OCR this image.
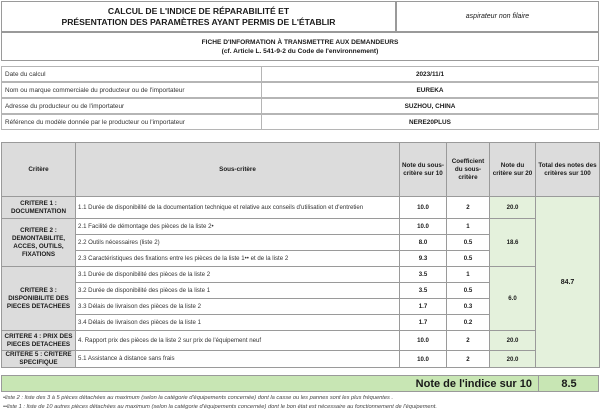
CALCUL DE L'INDICE DE RÉPARABILITÉ ET
PRÉSENTATION DES PARAMÈTRES AYANT PERMIS DE L'ÉTABLIR	aspirateur non filaire
FICHE D'INFORMATION À TRANSMETTRE AUX DEMANDEURS
(cf. Article L. 541-9-2 du Code de l'environnement)
Date du calcul	2023/11/1
Nom ou marque commerciale du producteur ou de l'importateur	EUREKA
Adresse du producteur ou de l'importateur	SUZHOU, CHINA
Référence du modèle donnée par le producteur ou l'importateur	NERE20PLUS
Critère	Sous-critère	Note du sous-critère sur 10	Coefficient du sous-critère	Note du critère sur 20	Total des notes des critères sur 100
CRITERE 1 : DOCUMENTATION	1.1 Durée de disponibilité de la documentation technique et relative aux conseils d'utilisation et d'entretien	10.0	2	20.0	84.7
CRITERE 2 : DEMONTABILITE, ACCES, OUTILS, FIXATIONS	2.1 Facilité de démontage des pièces de la liste 2•	10.0	1	18.6	
	2.2 Outils nécessaires (liste 2)	8.0	0.5		
	2.3 Caractéristiques des fixations entre les pièces de la liste 1•• et de la liste 2	9.3	0.5		
CRITERE 3 : DISPONIBILITE DES PIECES DETACHEES	3.1 Durée de disponibilité des pièces de la liste 2	3.5	1	6.0	
	3.2 Durée de disponibilité des pièces de la liste 1	3.5	0.5		
	3.3 Délais de livraison des pièces de la liste 2	1.7	0.3		
	3.4 Délais de livraison des pièces de la liste 1	1.7	0.2		
CRITERE 4 : PRIX DES PIECES DETACHEES	4. Rapport prix des pièces de la liste 2 sur prix de l'équipement neuf	10.0	2	20.0	
CRITERE 5 : CRITERE SPECIFIQUE	5.1 Assistance à distance sans frais	10.0	2	20.0	
Note de l'indice sur 10	8.5
•liste 2 : liste des 3 à 5 pièces détachées au maximum (selon la catégorie d'équipements concernée) dont la casse ou les pannes sont les plus fréquentes .
••liste 1 : liste de 10 autres pièces détachées au maximum (selon la catégorie d'équipements concernée) dont le bon état est nécessaire au fonctionnement de l'équipement.
